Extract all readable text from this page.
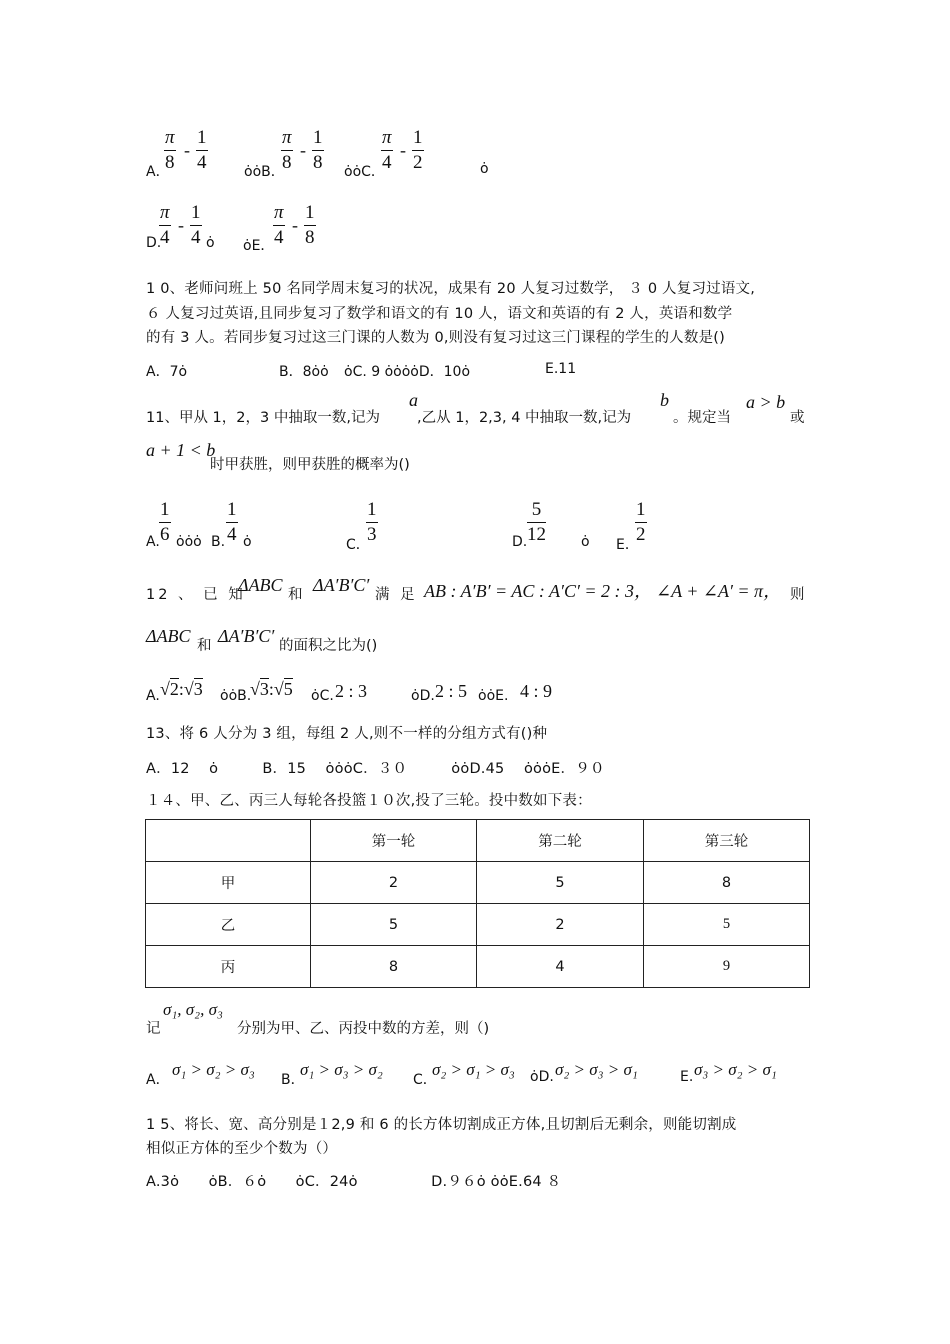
A．
$\frac{\pi}{8} - \frac{1}{4}$	ȯȯB．
$\frac{\pi}{8} - \frac{1}{8}$ ȯȯC．
$\frac{\pi}{4} - \frac{1}{2}$	ȯ
D.
$\frac{\pi}{4} - \frac{1}{4}$ ȯ ȯE．
$\frac{\pi}{4} - \frac{1}{8}$
1 0、老师问班上 50 名同学周末复习的状况，成果有 20 人复习过数学， ３ 0 人复习过语文,
６ 人复习过英语,且同步复习了数学和语文的有 10 人，语文和英语的有 2 人，英语和数学
的有 3 人。若同步复习过这三门课的人数为 0,则没有复习过这三门课程的学生的人数是()
A．7ȯ	B．8ȯȯ ȯC. 9 ȯȯȯȯD．10ȯ	E.11
11、甲从 1，2，3 中抽取一数,记为
a
,乙从 1，2,3, 4 中抽取一数,记为
b
。规定当
a > b
或
a + 1 < b
时甲获胜，则甲获胜的概率为()
A. $\frac{1}{6}$ ȯȯȯ B. $\frac{1}{4}$ ȯ	C．
$\frac{1}{3}$	D. $\frac{5}{12}$	ȯ E．
$\frac{1}{2}$
12 、 已 知
ΔABC 和 ΔA′B′C′ 满 足 AB : A′B′ = AC : A′C′ = 2 : 3， ∠A + ∠A′ = π， 则
ΔABC 和 ΔA′B′C′ 的面积之比为()
A. √2:√3 ȯȯB.
√3:√5 ȯC. 2 : 3	ȯD. 2 : 5 ȯȯE. 4 : 9
13、将 6 人分为 3 组，每组 2 人,则不一样的分组方式有()种
A．12 　ȯ　　　B．15 　ȯȯȯC．３０　　　ȯȯD.45 　ȯȯȯE．９０
１４、甲、乙、丙三人每轮各投篮１０次,投了三轮。投中数如下表：
	第一轮	第二轮	第三轮
甲	2	5	8
乙	5	2	5
丙	8	4	9
记
σ₁, σ₂, σ₃
分别为甲、乙、丙投中数的方差，则（)
A．
σ₁ > σ₂ > σ₃
B．
σ₁ > σ₃ > σ₂
C．
σ₂ > σ₁ > σ₃ ȯD. σ₂ > σ₃ > σ₁	E. σ₃ > σ₂ > σ₁
1 5、将长、宽、高分别是１2,9 和 6 的长方体切割成正方体,且切割后无剩余，则能切割成
相似正方体的至少个数为（）
A.3ȯ　　ȯB．６ȯ　　ȯC．24ȯ　　　　　D.９６ȯ ȯȯE.64 ８
